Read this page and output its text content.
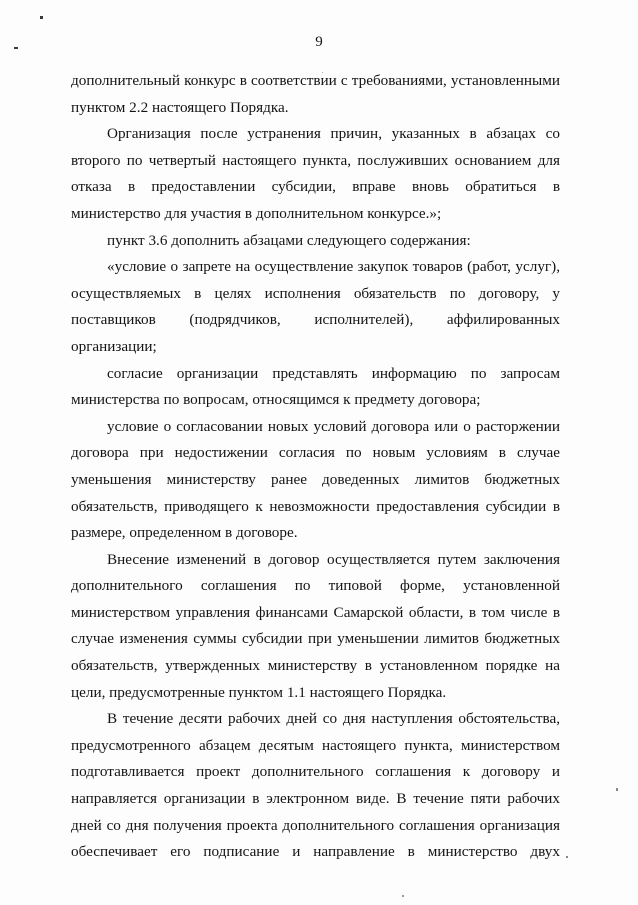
9

дополнительный конкурс в соответствии с требованиями, установленными пунктом 2.2 настоящего Порядка.

Организация после устранения причин, указанных в абзацах со второго по четвертый настоящего пункта, послуживших основанием для отказа в предоставлении субсидии, вправе вновь обратиться в министерство для участия в дополнительном конкурсе.»;

пункт 3.6 дополнить абзацами следующего содержания:

«условие о запрете на осуществление закупок товаров (работ, услуг), осуществляемых в целях исполнения обязательств по договору, у поставщиков (подрядчиков, исполнителей), аффилированных организации;

согласие организации представлять информацию по запросам министерства по вопросам, относящимся к предмету договора;

условие о согласовании новых условий договора или о расторжении договора при недостижении согласия по новым условиям в случае уменьшения министерству ранее доведенных лимитов бюджетных обязательств, приводящего к невозможности предоставления субсидии в размере, определенном в договоре.

Внесение изменений в договор осуществляется путем заключения дополнительного соглашения по типовой форме, установленной министерством управления финансами Самарской области, в том числе в случае изменения суммы субсидии при уменьшении лимитов бюджетных обязательств, утвержденных министерству в установленном порядке на цели, предусмотренные пунктом 1.1 настоящего Порядка.

В течение десяти рабочих дней со дня наступления обстоятельства, предусмотренного абзацем десятым настоящего пункта, министерством подготавливается проект дополнительного соглашения к договору и направляется организации в электронном виде. В течение пяти рабочих дней со дня получения проекта дополнительного соглашения организация обеспечивает его подписание и направление в министерство двух
